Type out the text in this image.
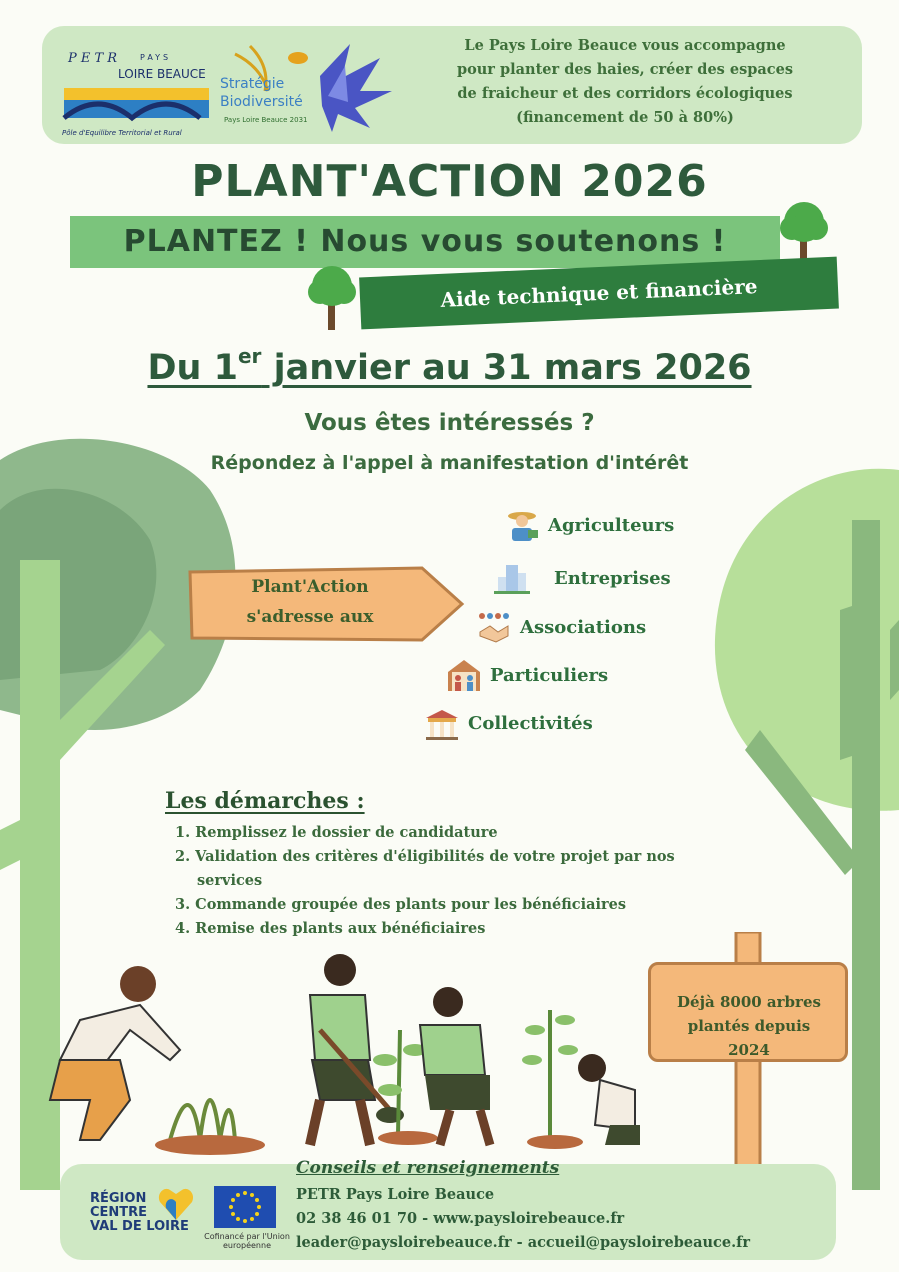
P E T R	PAYS
LOIRE BEAUCE
Pôle d'Equilibre Territorial et Rural
Stratégie
Biodiversité
Pays Loire Beauce 2031
Le Pays Loire Beauce vous accompagne
pour planter des haies, créer des espaces
de fraicheur et des corridors écologiques
(financement de 50 à 80%)
PLANT'ACTION 2026
PLANTEZ ! Nous vous soutenons !
Aide technique et financière
Du 1er janvier au 31 mars 2026
Vous êtes intéressés ?
Répondez à l'appel à manifestation d'intérêt
Plant'Action
s'adresse aux
Agriculteurs
Entreprises
Associations
Particuliers
Collectivités
Les démarches :
1. Remplissez le dossier de candidature
2. Validation des critères d'éligibilités de votre projet par nos services
3. Commande groupée des plants pour les bénéficiaires
4. Remise des plants aux bénéficiaires
Déjà 8000 arbres
plantés depuis
2024
Conseils et renseignements
PETR Pays Loire Beauce
02 38 46 01 70 - www.paysloirebeauce.fr
leader@paysloirebeauce.fr - accueil@paysloirebeauce.fr
RÉGION
CENTRE
VAL DE LOIRE
Cofinancé par l'Union européenne
